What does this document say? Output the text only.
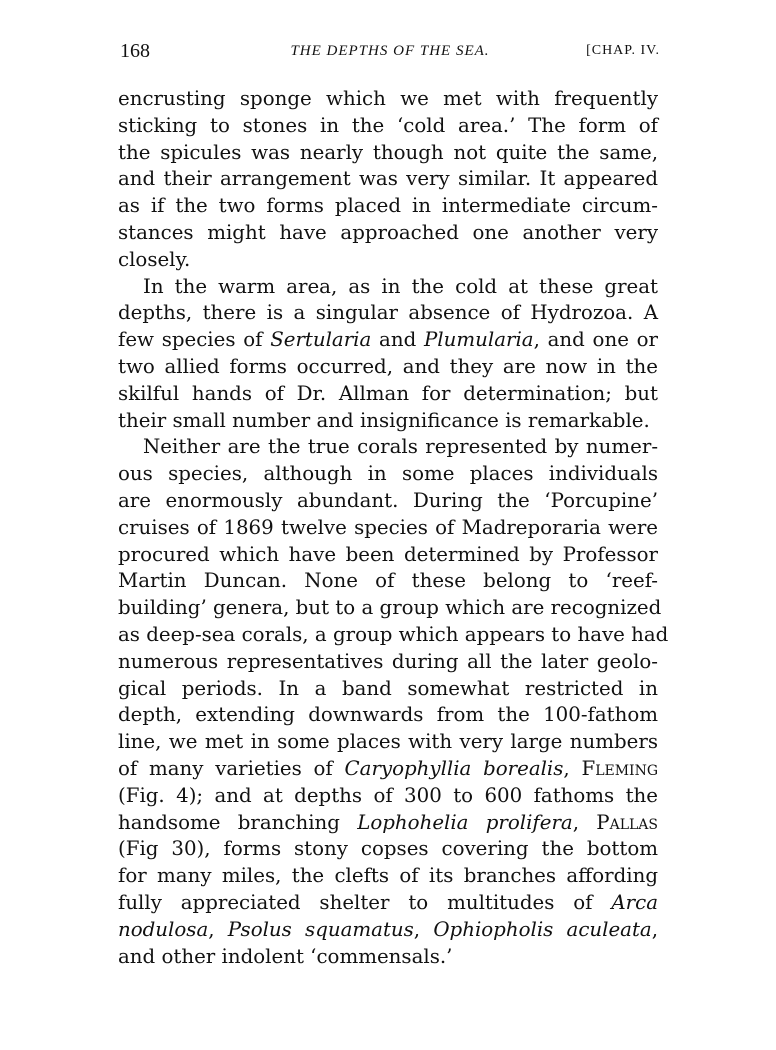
168	THE DEPTHS OF THE SEA.	[CHAP. IV.
encrusting sponge which we met with frequently
sticking to stones in the ‘cold area.’ The form of
the spicules was nearly though not quite the same,
and their arrangement was very similar. It appeared
as if the two forms placed in intermediate circum-
stances might have approached one another very
closely.
In the warm area, as in the cold at these great
depths, there is a singular absence of Hydrozoa. A
few species of Sertularia and Plumularia, and one or
two allied forms occurred, and they are now in the
skilful hands of Dr. Allman for determination; but
their small number and insignificance is remarkable.
Neither are the true corals represented by numer-
ous species, although in some places individuals
are enormously abundant. During the ‘Porcupine’
cruises of 1869 twelve species of Madreporaria were
procured which have been determined by Professor
Martin Duncan. None of these belong to ‘reef-
building’ genera, but to a group which are recognized
as deep-sea corals, a group which appears to have had
numerous representatives during all the later geolo-
gical periods. In a band somewhat restricted in
depth, extending downwards from the 100-fathom
line, we met in some places with very large numbers
of many varieties of Caryophyllia borealis, Fleming
(Fig. 4); and at depths of 300 to 600 fathoms the
handsome branching Lophohelia prolifera, Pallas
(Fig 30), forms stony copses covering the bottom
for many miles, the clefts of its branches affording
fully appreciated shelter to multitudes of Arca
nodulosa, Psolus squamatus, Ophiopholis aculeata,
and other indolent ‘commensals.’
